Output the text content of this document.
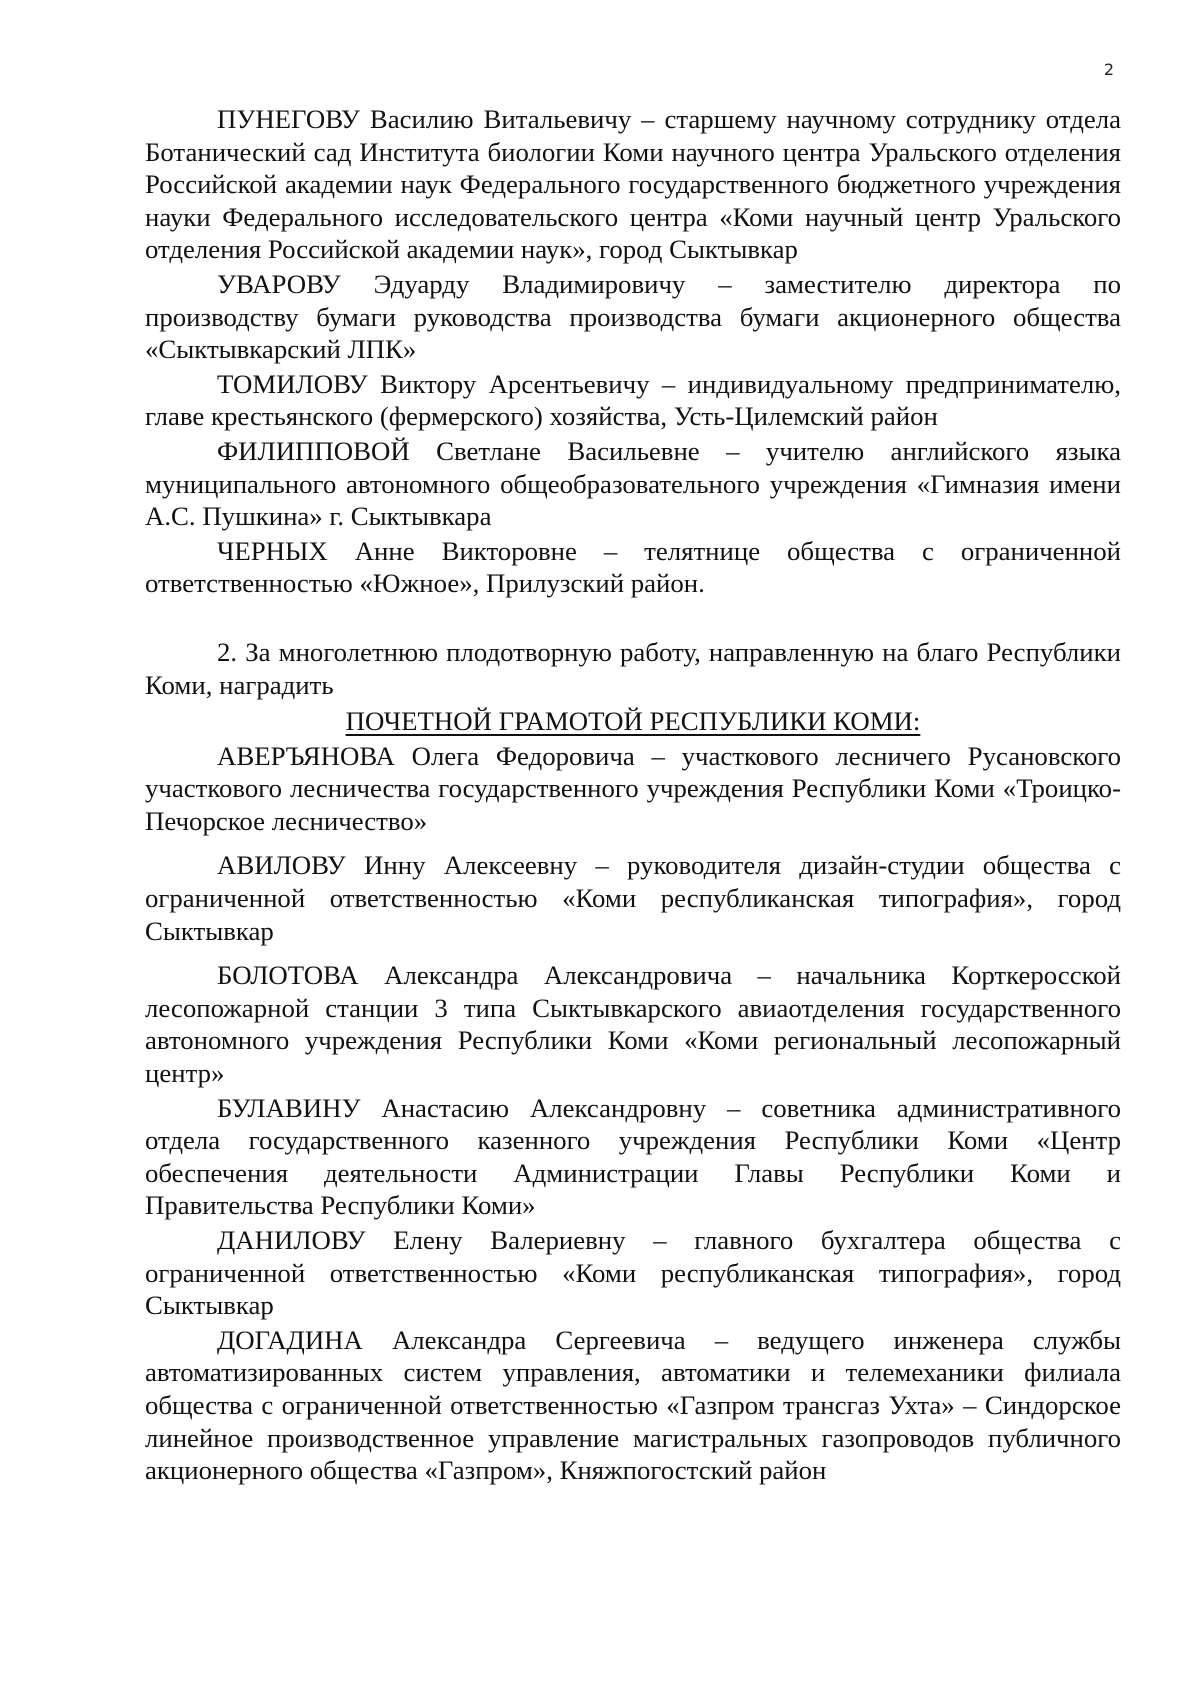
2

ПУНЕГОВУ Василию Витальевичу – старшему научному сотруднику отдела Ботанический сад Института биологии Коми научного центра Уральского отделения Российской академии наук Федерального государственного бюджетного учреждения науки Федерального исследовательского центра «Коми научный центр Уральского отделения Российской академии наук», город Сыктывкар

УВАРОВУ Эдуарду Владимировичу – заместителю директора по производству бумаги руководства производства бумаги акционерного общества «Сыктывкарский ЛПК»

ТОМИЛОВУ Виктору Арсентьевичу – индивидуальному предпринимателю, главе крестьянского (фермерского) хозяйства, Усть-Цилемский район

ФИЛИППОВОЙ Светлане Васильевне – учителю английского языка муниципального автономного общеобразовательного учреждения «Гимназия имени А.С. Пушкина» г. Сыктывкара

ЧЕРНЫХ Анне Викторовне – телятнице общества с ограниченной ответственностью «Южное», Прилузский район.

2. За многолетнюю плодотворную работу, направленную на благо Республики Коми, наградить

ПОЧЕТНОЙ ГРАМОТОЙ РЕСПУБЛИКИ КОМИ:

АВЕРЪЯНОВА Олега Федоровича – участкового лесничего Русановского участкового лесничества государственного учреждения Республики Коми «Троицко-Печорское лесничество»

АВИЛОВУ Инну Алексеевну – руководителя дизайн-студии общества с ограниченной ответственностью «Коми республиканская типография», город Сыктывкар

БОЛОТОВА Александра Александровича – начальника Корткеросской лесопожарной станции 3 типа Сыктывкарского авиаотделения государственного автономного учреждения Республики Коми «Коми региональный лесопожарный центр»

БУЛАВИНУ Анастасию Александровну – советника административного отдела государственного казенного учреждения Республики Коми «Центр обеспечения деятельности Администрации Главы Республики Коми и Правительства Республики Коми»

ДАНИЛОВУ Елену Валериевну – главного бухгалтера общества с ограниченной ответственностью «Коми республиканская типография», город Сыктывкар

ДОГАДИНА Александра Сергеевича – ведущего инженера службы автоматизированных систем управления, автоматики и телемеханики филиала общества с ограниченной ответственностью «Газпром трансгаз Ухта» – Синдорское линейное производственное управление магистральных газопроводов публичного акционерного общества «Газпром», Княжпогостский район
